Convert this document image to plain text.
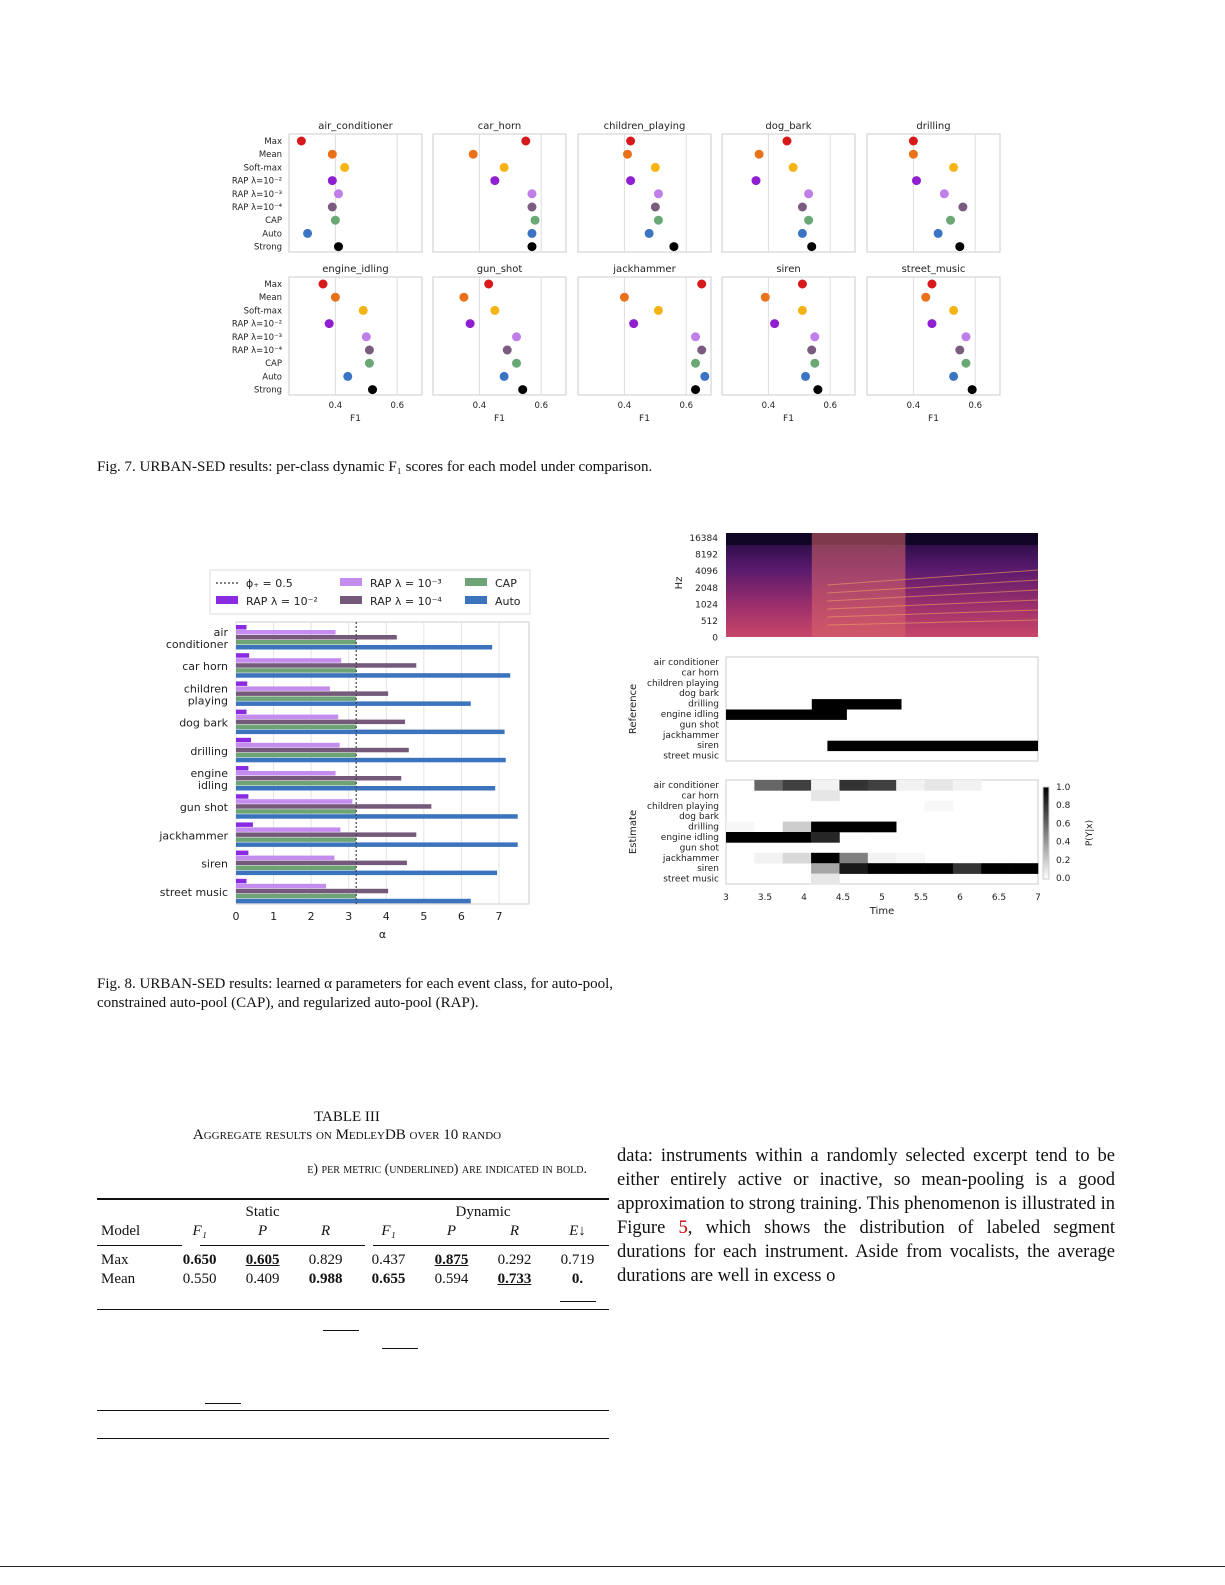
air_conditioner
Max
Mean
Soft-max
RAP λ=10⁻²
RAP λ=10⁻³
RAP λ=10⁻⁴
CAP
Auto
Strong
car_horn	children_playing	dog_bark	drilling
engine_idling
Max
Mean
Soft-max
RAP λ=10⁻²
RAP λ=10⁻³
RAP λ=10⁻⁴
CAP
Auto
Strong
0.4	0.6
F1
gun_shot
0.4	0.6
F1
jackhammer
0.4	0.6
F1
siren
0.4	0.6
F1
street_music
0.4	0.6
F1
Fig. 7. URBAN-SED results: per-class dynamic F₁ scores for each model under comparison.
ϕ₊ = 0.5
RAP λ = 10⁻²
RAP λ = 10⁻³
RAP λ = 10⁻⁴
CAP
Auto
0	1	2	3	4	5	6	7
α
air
conditioner
car horn
children
playing
dog bark
drilling
engine
idling
gun shot
jackhammer
siren
street music
Fig. 8. URBAN-SED results: learned α parameters for each event class, for auto-pool, constrained auto-pool (CAP), and regularized auto-pool (RAP).
16384
8192
4096
2048
1024
512
0
Hz
air conditioner
car horn
children playing
dog bark
drilling
engine idling
gun shot
jackhammer
siren
street music
Reference
air conditioner
car horn
children playing
dog bark
drilling
engine idling
gun shot
jackhammer
siren
street music
Estimate
3	3.5	4	4.5	5	5.5	6	6.5	7
Time
1.0
0.8
0.6
0.4
0.2
0.0
P(Y|x)
TABLE III
Aggregate results on MedleyDB over 10 rando
e) per metric (underlined) are indicated in bold.
	Static			Dynamic			
Model	F₁	P	R	F₁	P	R	E↓
Max	0.650	0.605	0.829	0.437	0.875	0.292	0.719
Mean	0.550	0.409	0.988	0.655	0.594	0.733	0.
data: instruments within a randomly selected excerpt tend to be either entirely active or inactive, so mean-pooling is a good approximation to strong training. This phenomenon is illustrated in Figure 5, which shows the distribution of labeled segment durations for each instrument. Aside from vocalists, the average durations are well in excess o
